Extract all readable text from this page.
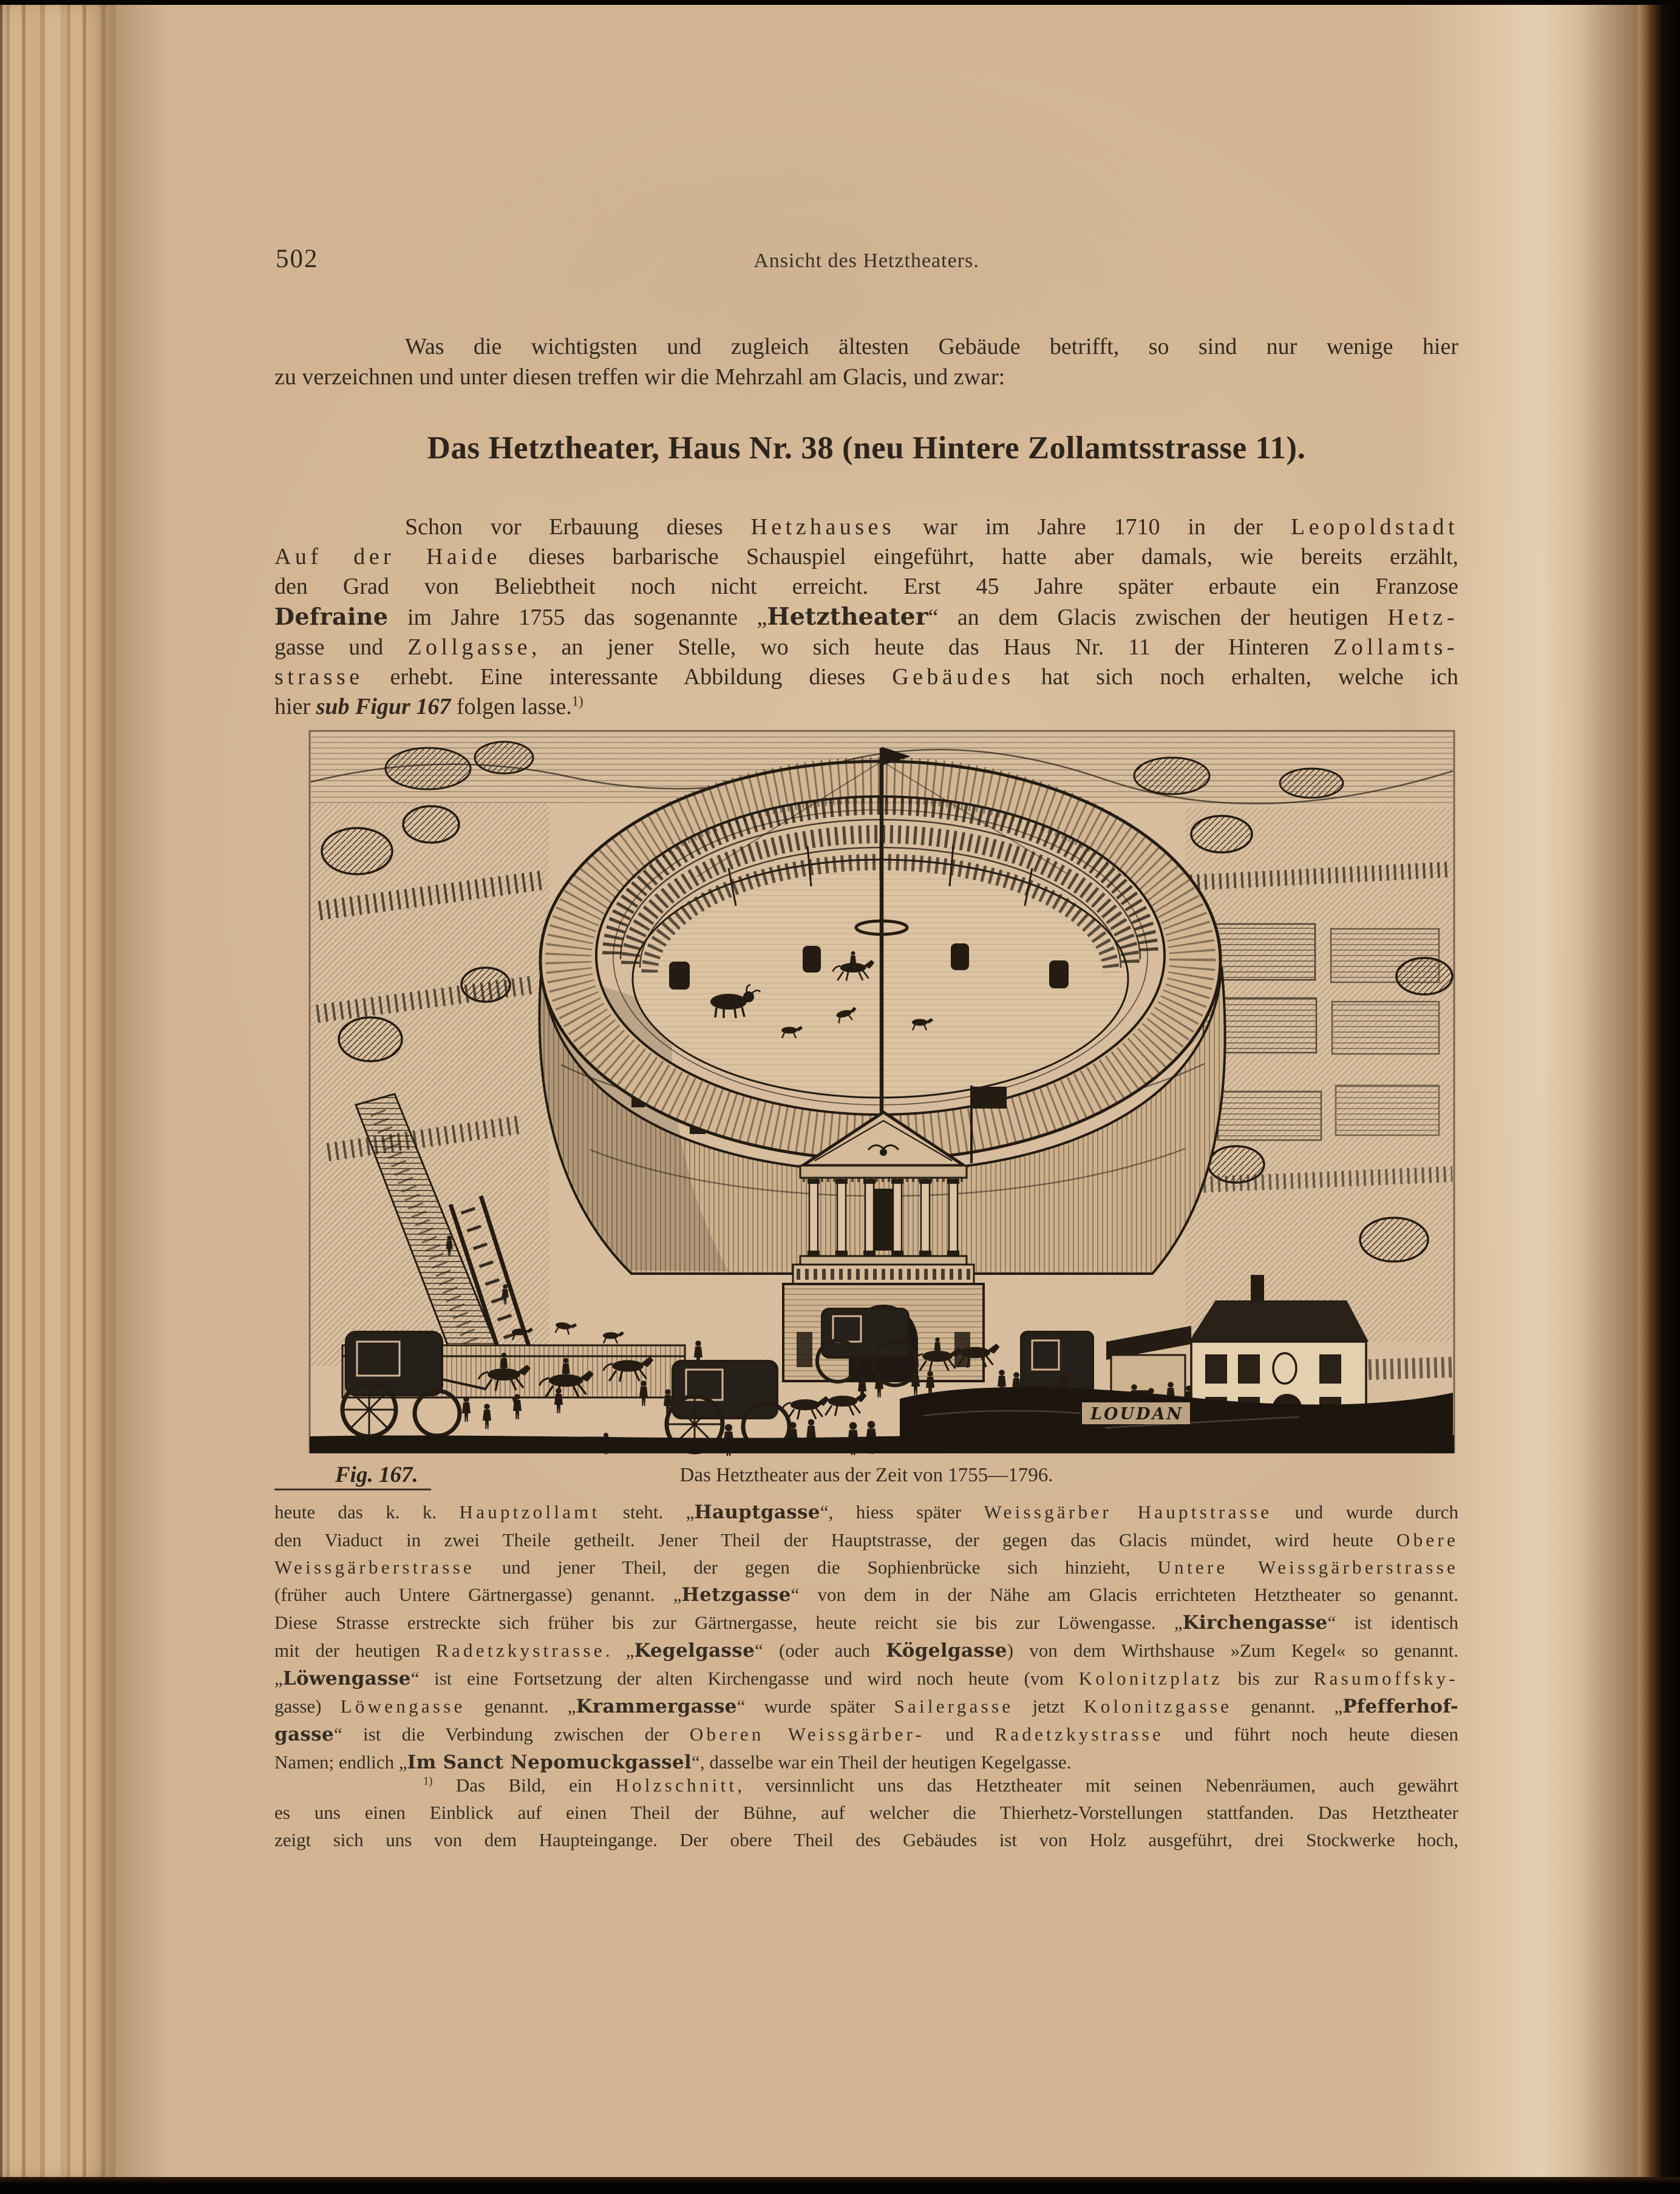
502	Ansicht des Hetztheaters.
Was die wichtigsten und zugleich ältesten Gebäude betrifft, so sind nur wenige hier
zu verzeichnen und unter diesen treffen wir die Mehrzahl am Glacis, und zwar:
Das Hetztheater, Haus Nr. 38 (neu Hintere Zollamtsstrasse 11).
Schon vor Erbauung dieses Hetzhauses war im Jahre 1710 in der Leopoldstadt
Auf der Haide dieses barbarische Schauspiel eingeführt, hatte aber damals, wie bereits erzählt,
den Grad von Beliebtheit noch nicht erreicht. Erst 45 Jahre später erbaute ein Franzose
Defraine im Jahre 1755 das sogenannte „Hetztheater“ an dem Glacis zwischen der heutigen Hetz-
gasse und Zollgasse, an jener Stelle, wo sich heute das Haus Nr. 11 der Hinteren Zollamts-
strasse erhebt. Eine interessante Abbildung dieses Gebäudes hat sich noch erhalten, welche ich
hier sub Figur 167 folgen lasse.$^{1)}$
LOUDAN
Fig. 167.	Das Hetztheater aus der Zeit von 1755—1796.
heute das k. k. Hauptzollamt steht. „Hauptgasse“, hiess später Weissgärber Hauptstrasse und wurde durch
den Viaduct in zwei Theile getheilt. Jener Theil der Hauptstrasse, der gegen das Glacis mündet, wird heute Obere
Weissgärberstrasse und jener Theil, der gegen die Sophienbrücke sich hinzieht, Untere Weissgärberstrasse
(früher auch Untere Gärtnergasse) genannt. „Hetzgasse“ von dem in der Nähe am Glacis errichteten Hetztheater so genannt.
Diese Strasse erstreckte sich früher bis zur Gärtnergasse, heute reicht sie bis zur Löwengasse. „Kirchengasse“ ist identisch
mit der heutigen Radetzkystrasse. „Kegelgasse“ (oder auch Kögelgasse) von dem Wirthshause »Zum Kegel« so genannt.
„Löwengasse“ ist eine Fortsetzung der alten Kirchengasse und wird noch heute (vom Kolonitzplatz bis zur Rasumoffsky-
gasse) Löwengasse genannt. „Krammergasse“ wurde später Sailergasse jetzt Kolonitzgasse genannt. „Pfefferhof-
gasse“ ist die Verbindung zwischen der Oberen Weissgärber- und Radetzkystrasse und führt noch heute diesen
Namen; endlich „Im Sanct Nepomuckgassel“, dasselbe war ein Theil der heutigen Kegelgasse.
$^{1)}$ Das Bild, ein Holzschnitt, versinnlicht uns das Hetztheater mit seinen Nebenräumen, auch gewährt
es uns einen Einblick auf einen Theil der Bühne, auf welcher die Thierhetz-Vorstellungen stattfanden. Das Hetztheater
zeigt sich uns von dem Haupteingange. Der obere Theil des Gebäudes ist von Holz ausgeführt, drei Stockwerke hoch,
